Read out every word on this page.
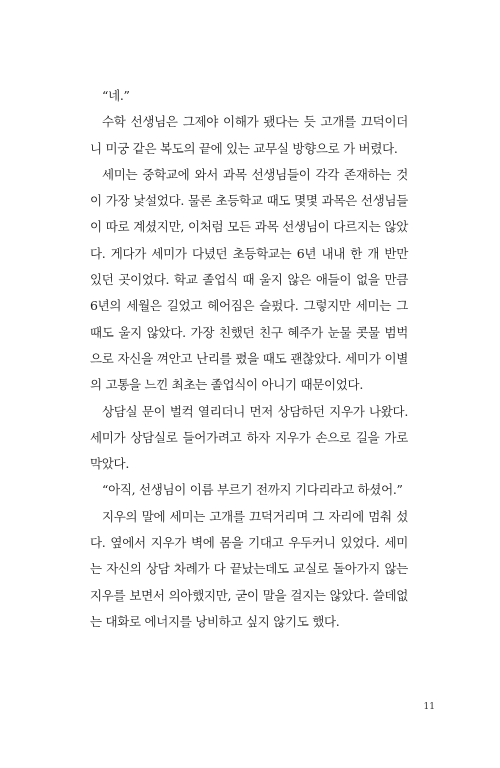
“네.”

수학 선생님은 그제야 이해가 됐다는 듯 고개를 끄덕이더니 미궁 같은 복도의 끝에 있는 교무실 방향으로 가 버렸다.

세미는 중학교에 와서 과목 선생님들이 각각 존재하는 것이 가장 낯설었다. 물론 초등학교 때도 몇몇 과목은 선생님들이 따로 계셨지만, 이처럼 모든 과목 선생님이 다르지는 않았다. 게다가 세미가 다녔던 초등학교는 6년 내내 한 개 반만 있던 곳이었다. 학교 졸업식 때 울지 않은 애들이 없을 만큼 6년의 세월은 길었고 헤어짐은 슬펐다. 그렇지만 세미는 그때도 울지 않았다. 가장 친했던 친구 혜주가 눈물 콧물 범벅으로 자신을 껴안고 난리를 폈을 때도 괜찮았다. 세미가 이별의 고통을 느낀 최초는 졸업식이 아니기 때문이었다.

상담실 문이 벌컥 열리더니 먼저 상담하던 지우가 나왔다. 세미가 상담실로 들어가려고 하자 지우가 손으로 길을 가로막았다.

“아직, 선생님이 이름 부르기 전까지 기다리라고 하셨어.”

지우의 말에 세미는 고개를 끄덕거리며 그 자리에 멈춰 섰다. 옆에서 지우가 벽에 몸을 기대고 우두커니 있었다. 세미는 자신의 상담 차례가 다 끝났는데도 교실로 돌아가지 않는 지우를 보면서 의아했지만, 굳이 말을 걸지는 않았다. 쓸데없는 대화로 에너지를 낭비하고 싶지 않기도 했다.

11
